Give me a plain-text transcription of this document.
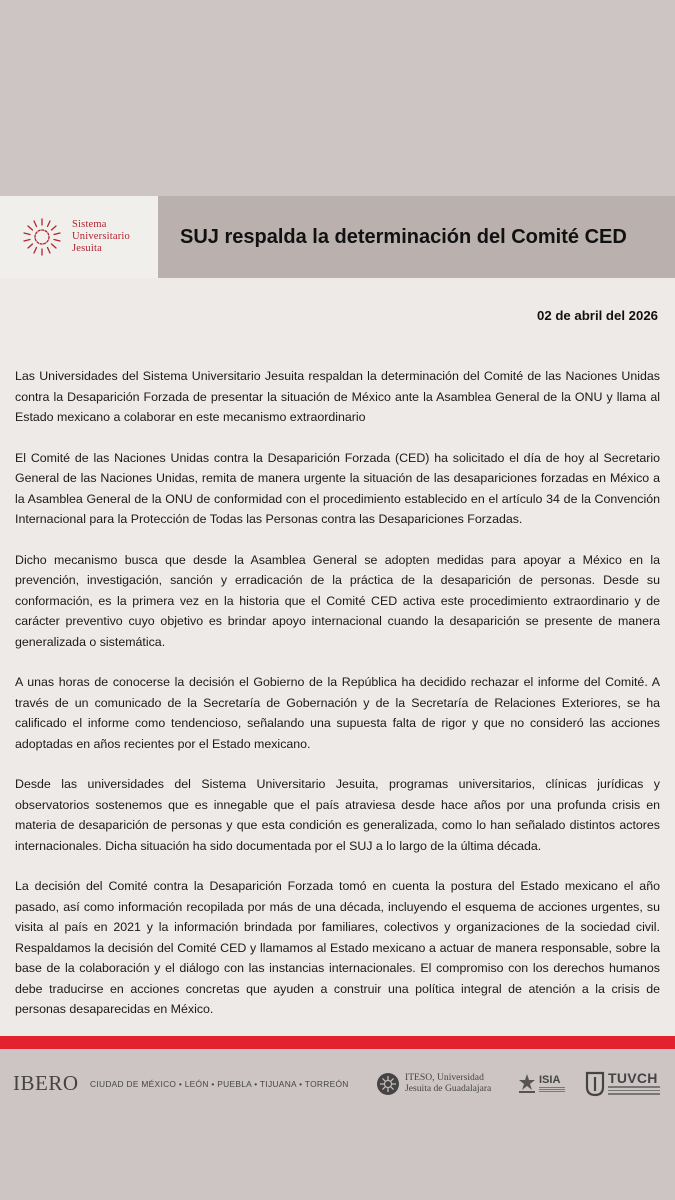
Sistema
Universitario
Jesuita
SUJ respalda la determinación del Comité CED
02 de abril del 2026

Las Universidades del Sistema Universitario Jesuita respaldan la determinación del Comité de las Naciones Unidas contra la Desaparición Forzada de presentar la situación de México ante la Asamblea General de la ONU y llama al Estado mexicano a colaborar en este mecanismo extraordinario

El Comité de las Naciones Unidas contra la Desaparición Forzada (CED) ha solicitado el día de hoy al Secretario General de las Naciones Unidas, remita de manera urgente la situación de las desapariciones forzadas en México a la Asamblea General de la ONU de conformidad con el procedimiento establecido en el artículo 34 de la Convención Internacional para la Protección de Todas las Personas contra las Desapariciones Forzadas.

Dicho mecanismo busca que desde la Asamblea General se adopten medidas para apoyar a México en la prevención, investigación, sanción y erradicación de la práctica de la desaparición de personas. Desde su conformación, es la primera vez en la historia que el Comité CED activa este procedimiento extraordinario y de carácter preventivo cuyo objetivo es brindar apoyo internacional cuando la desaparición se presente de manera generalizada o sistemática.

A unas horas de conocerse la decisión el Gobierno de la República ha decidido rechazar el informe del Comité. A través de un comunicado de la Secretaría de Gobernación y de la Secretaría de Relaciones Exteriores, se ha calificado el informe como tendencioso, señalando una supuesta falta de rigor y que no consideró las acciones adoptadas en años recientes por el Estado mexicano.

Desde las universidades del Sistema Universitario Jesuita, programas universitarios, clínicas jurídicas y observatorios sostenemos que es innegable que el país atraviesa desde hace años por una profunda crisis en materia de desaparición de personas y que esta condición es generalizada, como lo han señalado distintos actores internacionales. Dicha situación ha sido documentada por el SUJ a lo largo de la última década.

La decisión del Comité contra la Desaparición Forzada tomó en cuenta la postura del Estado mexicano el año pasado, así como información recopilada por más de una década, incluyendo el esquema de acciones urgentes, su visita al país en 2021 y la información brindada por familiares, colectivos y organizaciones de la sociedad civil. Respaldamos la decisión del Comité CED y llamamos al Estado mexicano a actuar de manera responsable, sobre la base de la colaboración y el diálogo con las instancias internacionales. El compromiso con los derechos humanos debe traducirse en acciones concretas que ayuden a construir una política integral de atención a la crisis de personas desaparecidas en México.

IBERO CIUDAD DE MÉXICO • LEÓN • PUEBLA • TIJUANA • TORREÓN
ITESO, Universidad
Jesuita de Guadalajara
ISIA	TUVCH
